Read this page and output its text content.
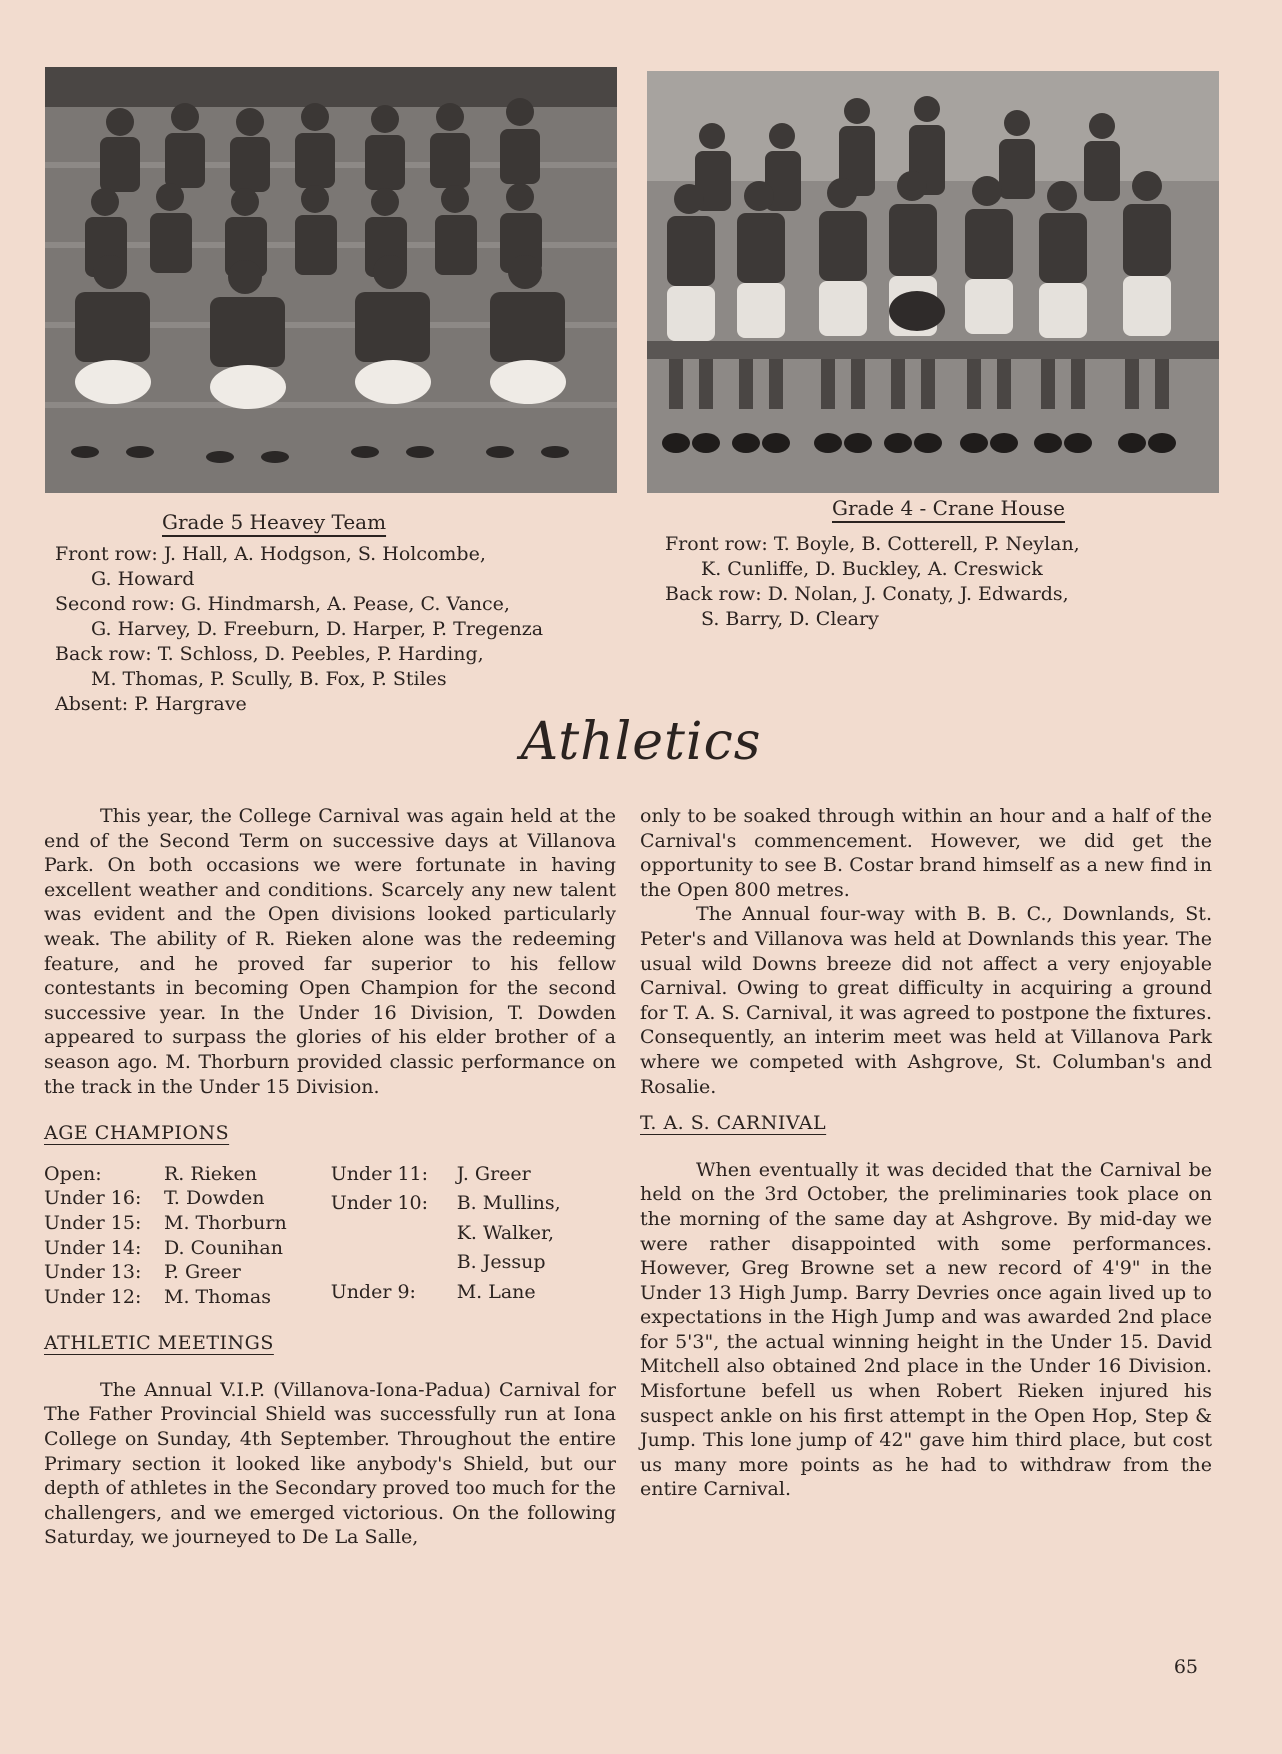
Grade 5 Heavey Team
Front row: J. Hall, A. Hodgson, S. Holcombe,
G. Howard
Second row: G. Hindmarsh, A. Pease, C. Vance,
G. Harvey, D. Freeburn, D. Harper, P. Tregenza
Back row: T. Schloss, D. Peebles, P. Harding,
M. Thomas, P. Scully, B. Fox, P. Stiles
Absent: P. Hargrave
Grade 4 - Crane House
Front row: T. Boyle, B. Cotterell, P. Neylan,
K. Cunliffe, D. Buckley, A. Creswick
Back row: D. Nolan, J. Conaty, J. Edwards,
S. Barry, D. Cleary
Athletics

This year, the College Carnival was again held at the end of the Second Term on successive days at Villanova Park. On both occasions we were fortunate in having excellent weather and conditions. Scarcely any new talent was evident and the Open divisions looked particularly weak. The ability of R. Rieken alone was the redeeming feature, and he proved far superior to his fellow contestants in becoming Open Champion for the second successive year. In the Under 16 Division, T. Dowden appeared to surpass the glories of his elder brother of a season ago. M. Thorburn provided classic performance on the track in the Under 15 Division.

AGE CHAMPIONS
Open:	R. Rieken
Under 16:	T. Dowden
Under 15:	M. Thorburn
Under 14:	D. Counihan
Under 13:	P. Greer
Under 12:	M. Thomas
Under 11:	J. Greer
Under 10:	B. Mullins,
	K. Walker,
	B. Jessup
Under 9:	M. Lane
ATHLETIC MEETINGS

The Annual V.I.P. (Villanova-Iona-Padua) Carnival for The Father Provincial Shield was successfully run at Iona College on Sunday, 4th September. Throughout the entire Primary section it looked like anybody's Shield, but our depth of athletes in the Secondary proved too much for the challengers, and we emerged victorious. On the following Saturday, we journeyed to De La Salle,

only to be soaked through within an hour and a half of the Carnival's commencement. However, we did get the opportunity to see B. Costar brand himself as a new find in the Open 800 metres.

The Annual four-way with B. B. C., Downlands, St. Peter's and Villanova was held at Downlands this year. The usual wild Downs breeze did not affect a very enjoyable Carnival. Owing to great difficulty in acquiring a ground for T. A. S. Carnival, it was agreed to postpone the fixtures. Consequently, an interim meet was held at Villanova Park where we competed with Ashgrove, St. Columban's and Rosalie.

T. A. S. CARNIVAL

When eventually it was decided that the Carnival be held on the 3rd October, the preliminaries took place on the morning of the same day at Ashgrove. By mid-day we were rather disappointed with some performances. However, Greg Browne set a new record of 4'9" in the Under 13 High Jump. Barry Devries once again lived up to expectations in the High Jump and was awarded 2nd place for 5'3", the actual winning height in the Under 15. David Mitchell also obtained 2nd place in the Under 16 Division. Misfortune befell us when Robert Rieken injured his suspect ankle on his first attempt in the Open Hop, Step & Jump. This lone jump of 42" gave him third place, but cost us many more points as he had to withdraw from the entire Carnival.

65
